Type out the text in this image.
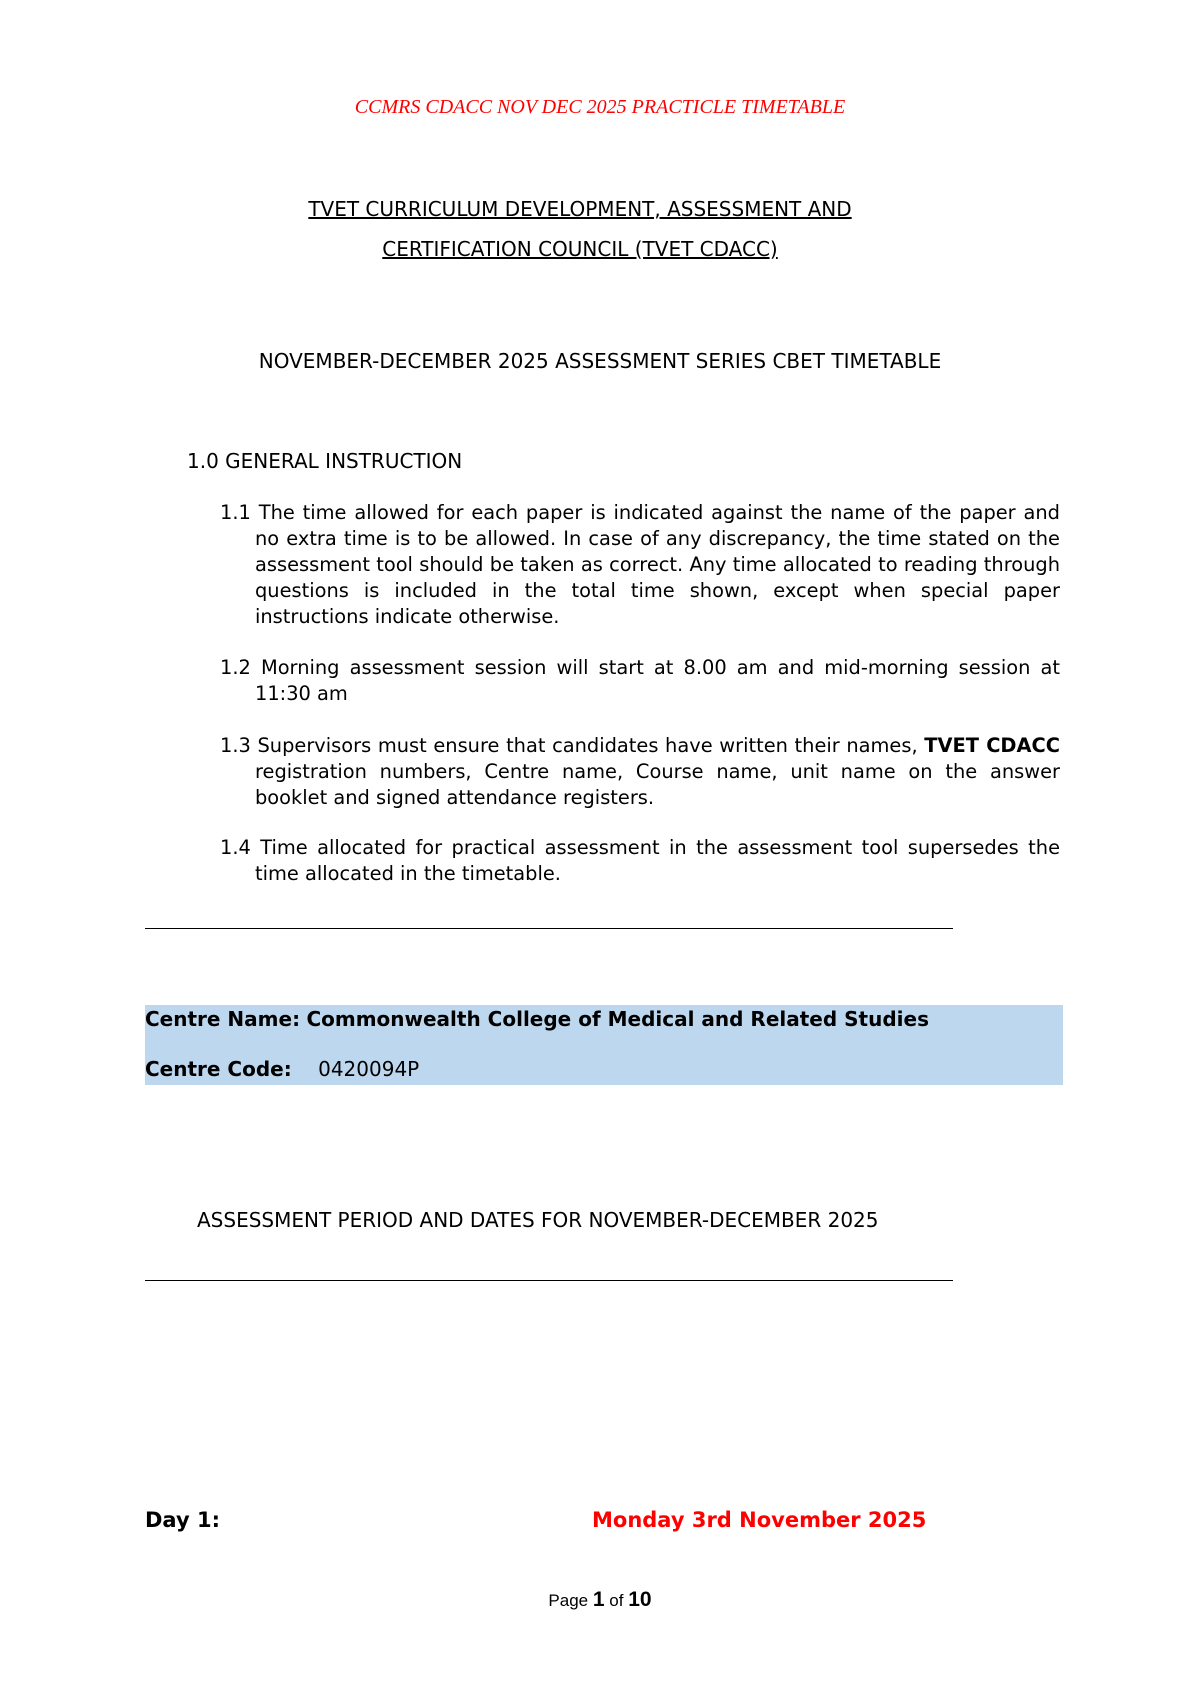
CCMRS CDACC NOV DEC 2025 PRACTICLE TIMETABLE
TVET CURRICULUM DEVELOPMENT, ASSESSMENT AND
CERTIFICATION COUNCIL (TVET CDACC)
NOVEMBER-DECEMBER 2025 ASSESSMENT SERIES CBET TIMETABLE
1.0 GENERAL INSTRUCTION
1.1 The time allowed for each paper is indicated against the name of the paper and no extra time is to be allowed. In case of any discrepancy, the time stated on the assessment tool should be taken as correct. Any time allocated to reading through questions is included in the total time shown, except when special paper instructions indicate otherwise.
1.2 Morning assessment session will start at 8.00 am and mid-morning session at 11:30 am
1.3 Supervisors must ensure that candidates have written their names, TVET CDACC registration numbers, Centre name, Course name, unit name on the answer booklet and signed attendance registers.
1.4 Time allocated for practical assessment in the assessment tool supersedes the time allocated in the timetable.
Centre Name: Commonwealth College of Medical and Related Studies
Centre Code: 0420094P
ASSESSMENT PERIOD AND DATES FOR NOVEMBER-DECEMBER 2025
Day 1:	Monday 3rd November 2025
Page 1 of 10
